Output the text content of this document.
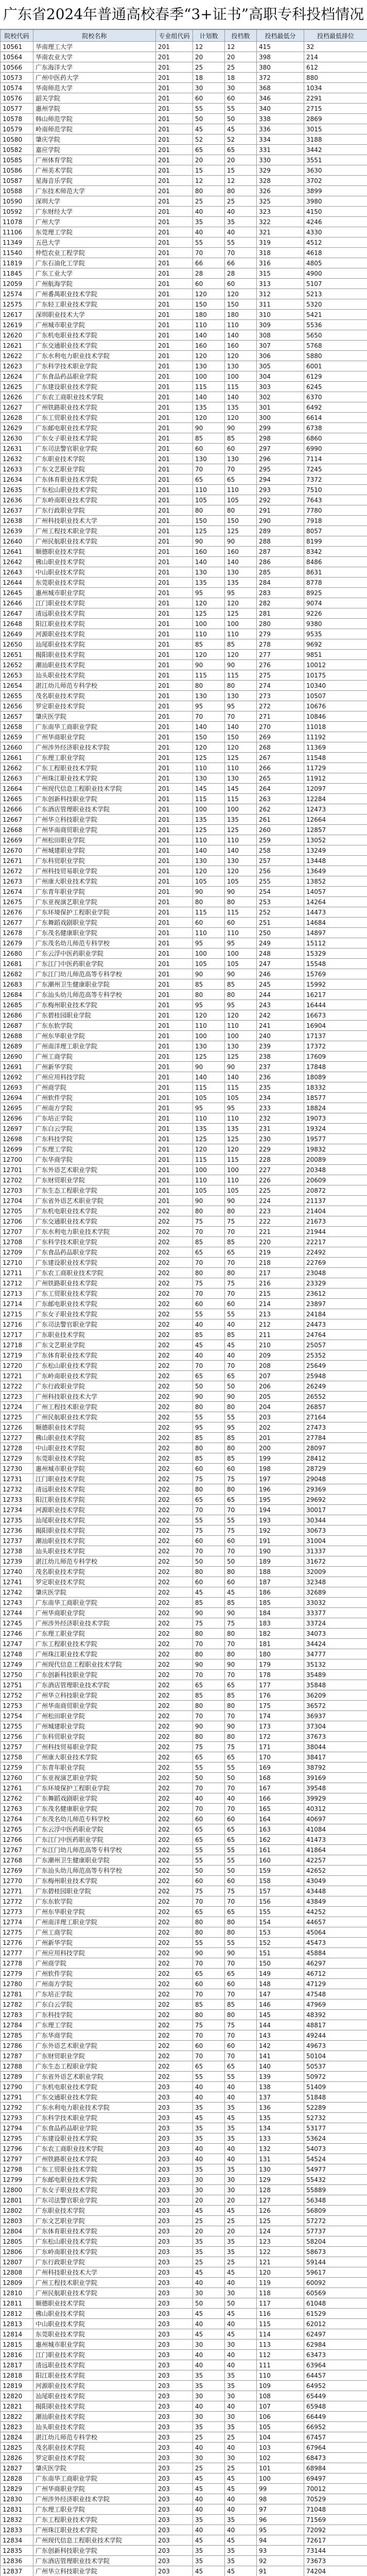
广东省2024年普通高校春季“3+证书”高职专科投档情况
院校代码	院校名称	专业组代码	计划数	投档数	投档最低分	投档最低排位
10561	华南理工大学	201	12	12	415	32
10564	华南农业大学	201	20	20	398	214
10566	广东海洋大学	201	25	25	380	612
10573	广州中医药大学	201	18	18	372	880
10574	华南师范大学	201	30	30	368	1034
10576	韶关学院	201	60	60	346	2291
10577	惠州学院	201	55	55	340	2715
10578	韩山师范学院	201	50	50	338	2869
10579	岭南师范学院	201	45	45	336	3015
10580	肇庆学院	201	52	52	334	3188
10582	嘉应学院	201	65	65	331	3442
10585	广州体育学院	201	20	20	330	3551
10586	广州美术学院	201	15	15	329	3630
10587	星海音乐学院	201	12	12	328	3702
10588	广东技术师范大学	201	80	80	326	3899
10590	深圳大学	201	25	25	325	3980
10592	广东财经大学	201	40	40	323	4150
11078	广州大学	201	35	35	322	4246
11106	东莞理工学院	201	40	40	321	4330
11349	五邑大学	201	55	55	319	4512
11540	仲恺农业工程学院	201	70	70	318	4618
11819	广东石油化工学院	201	66	66	316	4805
11845	广东工业大学	201	28	28	315	4900
12059	广州航海学院	201	60	60	313	5107
12574	广州番禺职业技术学院	201	120	120	312	5213
12575	广东轻工职业技术学院	201	150	150	311	5320
12617	深圳职业技术大学	201	180	180	310	5421
12619	广州城市职业学院	201	110	110	309	5536
12620	广东机电职业技术学院	201	140	140	308	5650
12621	广东交通职业技术学院	201	160	160	307	5768
12622	广东水利电力职业技术学院	201	120	120	306	5880
12623	广东科学技术职业学院	201	130	130	305	6001
12624	广东食品药品职业学院	201	100	100	304	6129
12625	广东建设职业技术学院	201	115	115	303	6245
12626	广东农工商职业技术学院	201	140	140	302	6370
12627	广州铁路职业技术学院	201	135	135	301	6492
12628	广东工贸职业技术学院	201	120	120	300	6614
12629	广东邮电职业技术学院	201	90	90	299	6738
12630	广东女子职业技术学院	201	85	85	298	6860
12631	广东司法警官职业学院	201	60	60	297	6990
12632	广东职业技术学院	201	130	130	296	7114
12633	广东文艺职业学院	201	70	70	295	7245
12634	广东体育职业技术学院	201	65	65	294	7372
12635	广东松山职业技术学院	201	110	110	293	7510
12636	广东岭南职业技术学院	201	105	105	292	7643
12637	广东行政职业学院	201	80	80	291	7780
12638	广州科技职业技术大学	201	150	150	290	7918
12639	广州工程技术职业学院	201	125	125	289	8057
12640	广州民航职业技术学院	201	90	90	288	8199
12641	顺德职业技术学院	201	160	160	287	8342
12642	佛山职业技术学院	201	140	140	286	8486
12643	中山职业技术学院	201	130	130	285	8631
12644	东莞职业技术学院	201	135	135	284	8778
12645	惠州城市职业学院	201	95	95	283	8925
12646	江门职业技术学院	201	120	120	282	9074
12647	清远职业技术学院	201	125	125	281	9226
12648	阳江职业技术学院	201	100	100	280	9380
12649	河源职业技术学院	201	110	110	279	9535
12650	汕尾职业技术学院	201	85	85	278	9692
12651	揭阳职业技术学院	201	120	120	277	9851
12652	潮汕职业技术学院	201	90	90	276	10012
12653	汕头职业技术学院	201	115	115	275	10175
12654	湛江幼儿师范专科学校	201	80	80	274	10340
12655	茂名职业技术学院	201	130	130	273	10507
12656	罗定职业技术学院	201	95	95	272	10676
12657	肇庆医学院	201	70	70	271	10846
12658	广东南华工商职业学院	201	140	140	270	11018
12659	广州华商职业学院	201	150	150	269	11192
12660	广州涉外经济职业技术学院	201	120	120	268	11369
12661	广东理工职业学院	201	125	125	267	11548
12662	广东工程职业技术学院	201	110	110	266	11729
12663	广州珠江职业技术学院	201	130	130	265	11912
12664	广州现代信息工程职业技术学院	201	145	145	264	12097
12665	广东创新科技职业学院	201	115	115	263	12284
12666	广东酒店管理职业技术学院	201	100	100	262	12473
12667	广州华立科技职业学院	201	135	135	261	12664
12668	广州华南商贸职业学院	201	125	125	260	12857
12669	广州松田职业学院	201	110	110	259	13052
12670	广州城建职业学院	201	140	140	258	13249
12671	广东科贸职业学院	201	130	130	257	13448
12672	广州科技贸易职业学院	201	120	120	256	13649
12673	广州康大职业技术学院	201	105	105	255	13852
12674	广东青年职业学院	201	90	90	254	14057
12675	广东亚视演艺职业学院	201	80	80	253	14264
12676	广东环境保护工程职业学院	201	115	115	252	14473
12677	广东舞蹈戏剧职业学院	201	60	60	251	14684
12678	广东茂名健康职业学院	201	110	110	250	14897
12679	广东茂名幼儿师范专科学校	201	95	95	249	15112
12680	广东云浮中医药职业学院	201	100	100	248	15329
12681	广东江门中医药职业学院	201	105	105	247	15548
12682	广东江门幼儿师范高等专科学校	201	90	90	246	15769
12683	广东潮州卫生健康职业学院	201	85	85	245	15992
12684	广东汕头幼儿师范高等专科学校	201	80	80	244	16217
12685	广东梅州职业技术学院	201	95	95	243	16444
12686	广东碧桂园职业学院	201	120	120	242	16673
12687	广东东软学院	201	110	110	241	16904
12688	广州东华职业学院	201	100	100	240	17137
12689	广州南洋理工职业学院	201	130	130	239	17372
12690	广州工商学院	201	125	125	238	17609
12691	广州新华学院	201	90	90	237	17848
12692	广州应用科技学院	201	140	140	236	18089
12693	广州商学院	201	115	115	235	18332
12694	广州软件学院	201	105	105	234	18577
12695	广州南方学院	201	95	95	233	18824
12696	广东培正学院	201	110	110	232	19073
12697	广东白云学院	201	135	135	231	19324
12698	广东科技学院	201	125	125	230	19577
12699	广东理工学院	201	120	120	229	19832
12700	广东华商学院	201	115	115	228	20089
12701	广东外语艺术职业学院	201	100	100	227	20348
12702	广东财贸职业学院	201	110	110	226	20609
12703	广东生态工程职业学院	201	105	105	225	20872
12704	广东省外语艺术职业学院	201	90	90	224	21137
12705	广东机电职业技术学院	202	80	80	223	21404
12706	广东交通职业技术学院	202	75	75	222	21673
12707	广东水利电力职业技术学院	202	70	70	221	21944
12708	广东科学技术职业学院	202	85	85	220	22217
12709	广东食品药品职业学院	202	65	65	219	22492
12710	广东建设职业技术学院	202	70	70	218	22769
12711	广东农工商职业技术学院	202	80	80	217	23048
12712	广州铁路职业技术学院	202	75	75	216	23329
12713	广东工贸职业技术学院	202	70	70	215	23612
12714	广东邮电职业技术学院	202	60	60	214	23897
12715	广东女子职业技术学院	202	55	55	213	24184
12716	广东司法警官职业学院	202	40	40	212	24473
12717	广东职业技术学院	202	85	85	211	24764
12718	广东文艺职业学院	202	45	45	210	25057
12719	广东体育职业技术学院	202	40	40	209	25352
12720	广东松山职业技术学院	202	70	70	208	25649
12721	广东岭南职业技术学院	202	65	65	207	25948
12722	广东行政职业学院	202	50	50	206	26249
12723	广州科技职业技术大学	202	90	90	205	26552
12724	广州工程技术职业学院	202	80	80	204	26857
12725	广州民航职业技术学院	202	55	55	203	27164
12726	顺德职业技术学院	202	95	95	202	27473
12727	佛山职业技术学院	202	85	85	201	27784
12728	中山职业技术学院	202	80	80	200	28097
12729	东莞职业技术学院	202	85	85	199	28412
12730	惠州城市职业学院	202	60	60	198	28729
12731	江门职业技术学院	202	75	75	197	29048
12732	清远职业技术学院	202	80	80	196	29369
12733	阳江职业技术学院	202	65	65	195	29692
12734	河源职业技术学院	202	70	70	194	30017
12735	汕尾职业技术学院	202	55	55	193	30344
12736	揭阳职业技术学院	202	75	75	192	30673
12737	潮汕职业技术学院	202	60	60	191	31004
12738	汕头职业技术学院	202	70	70	190	31337
12739	湛江幼儿师范专科学校	202	50	50	189	31672
12740	茂名职业技术学院	202	80	80	188	32009
12741	罗定职业技术学院	202	60	60	187	32348
12742	肇庆医学院	202	45	45	186	32689
12743	广东南华工商职业学院	202	85	85	185	33032
12744	广州华商职业学院	202	90	90	184	33377
12745	广州涉外经济职业技术学院	202	75	75	183	33724
12746	广东理工职业学院	202	80	80	182	34073
12747	广东工程职业技术学院	202	70	70	181	34424
12748	广州珠江职业技术学院	202	80	80	180	34777
12749	广州现代信息工程职业技术学院	202	90	90	179	35132
12750	广东创新科技职业学院	202	70	70	178	35489
12751	广东酒店管理职业技术学院	202	65	65	177	35848
12752	广州华立科技职业学院	202	85	85	176	36209
12753	广州华南商贸职业学院	202	80	80	175	36572
12754	广州松田职业学院	202	70	70	174	36937
12755	广州城建职业学院	202	90	90	173	37304
12756	广东科贸职业学院	202	80	80	172	37673
12757	广州科技贸易职业学院	202	75	75	171	38044
12758	广州康大职业技术学院	202	65	65	170	38417
12759	广东青年职业学院	202	55	55	169	38792
12760	广东亚视演艺职业学院	202	50	50	168	39169
12761	广东环境保护工程职业学院	202	70	70	167	39548
12762	广东舞蹈戏剧职业学院	202	40	40	166	39929
12763	广东茂名健康职业学院	202	70	70	165	40312
12764	广东茂名幼儿师范专科学校	202	60	60	164	40697
12765	广东云浮中医药职业学院	202	65	65	163	41084
12766	广东江门中医药职业学院	202	65	65	162	41473
12767	广东江门幼儿师范高等专科学校	202	55	55	161	41864
12768	广东潮州卫生健康职业学院	202	55	55	160	42257
12769	广东汕头幼儿师范高等专科学校	202	50	50	159	42652
12770	广东梅州职业技术学院	202	60	60	158	43049
12771	广东碧桂园职业学院	202	75	75	157	43448
12772	广东东软学院	202	70	70	156	43849
12773	广州东华职业学院	202	65	65	155	44252
12774	广州南洋理工职业学院	202	80	80	154	44657
12775	广州工商学院	202	80	80	153	45064
12776	广州新华学院	202	55	55	152	45473
12777	广州应用科技学院	202	90	90	151	45884
12778	广州商学院	202	70	70	150	46297
12779	广州软件学院	202	65	65	149	46712
12780	广州南方学院	202	60	60	148	47129
12781	广东培正学院	202	70	70	147	47548
12782	广东白云学院	202	85	85	146	47969
12783	广东科技学院	202	80	80	145	48392
12784	广东理工学院	202	75	75	144	48817
12785	广东华商学院	202	70	70	143	49244
12786	广东外语艺术职业学院	202	60	60	142	49673
12787	广东财贸职业学院	202	70	70	141	50104
12788	广东生态工程职业学院	202	65	65	140	50537
12789	广东省外语艺术职业学院	202	55	55	139	50972
12790	广东机电职业技术学院	203	40	40	138	51409
12791	广东交通职业技术学院	203	40	40	137	51848
12792	广东水利电力职业技术学院	203	35	35	136	52289
12793	广东科学技术职业学院	203	45	45	135	52732
12794	广东食品药品职业学院	203	35	35	134	53177
12795	广东建设职业技术学院	203	35	35	133	53624
12796	广东农工商职业技术学院	203	40	40	132	54073
12797	广州铁路职业技术学院	203	40	40	131	54524
12798	广东工贸职业技术学院	203	35	35	130	54977
12799	广东邮电职业技术学院	203	30	30	129	55432
12800	广东女子职业技术学院	203	30	30	128	55889
12801	广东司法警官职业学院	203	20	20	127	56348
12802	广东职业技术学院	203	45	45	126	56809
12803	广东文艺职业学院	203	25	25	125	57272
12804	广东体育职业技术学院	203	20	20	124	57737
12805	广东松山职业技术学院	203	35	35	123	58204
12806	广东岭南职业技术学院	203	35	35	122	58673
12807	广东行政职业学院	203	25	25	121	59144
12808	广州科技职业技术大学	203	45	45	120	59617
12809	广州工程技术职业学院	203	40	40	119	60092
12810	广州民航职业技术学院	203	30	30	118	60569
12811	顺德职业技术学院	203	50	50	117	61048
12812	佛山职业技术学院	203	45	45	116	61529
12813	中山职业技术学院	203	40	40	115	62012
12814	东莞职业技术学院	203	45	45	114	62497
12815	惠州城市职业学院	203	30	30	113	62984
12816	江门职业技术学院	203	40	40	112	63473
12817	清远职业技术学院	203	40	40	111	63964
12818	阳江职业技术学院	203	35	35	110	64457
12819	河源职业技术学院	203	35	35	109	64952
12820	汕尾职业技术学院	203	30	30	108	65449
12821	揭阳职业技术学院	203	40	40	107	65948
12822	潮汕职业技术学院	203	30	30	106	66449
12823	汕头职业技术学院	203	35	35	105	66952
12824	湛江幼儿师范专科学校	203	25	25	104	67457
12825	茂名职业技术学院	203	40	40	103	67964
12826	罗定职业技术学院	203	30	30	102	68473
12827	肇庆医学院	203	25	25	101	68984
12828	广东南华工商职业学院	203	45	45	100	69497
12829	广州华商职业学院	203	45	45	99	70012
12830	广州涉外经济职业技术学院	203	40	40	98	70529
12831	广东理工职业学院	203	40	40	97	71048
12832	广东工程职业技术学院	203	35	35	96	71569
12833	广州珠江职业技术学院	203	40	40	95	72092
12834	广州现代信息工程职业技术学院	203	45	45	94	72617
12835	广东创新科技职业学院	203	35	35	93	73144
12836	广东酒店管理职业技术学院	203	35	35	92	73673
12837	广州华立科技职业学院	203	45	45	91	74204
